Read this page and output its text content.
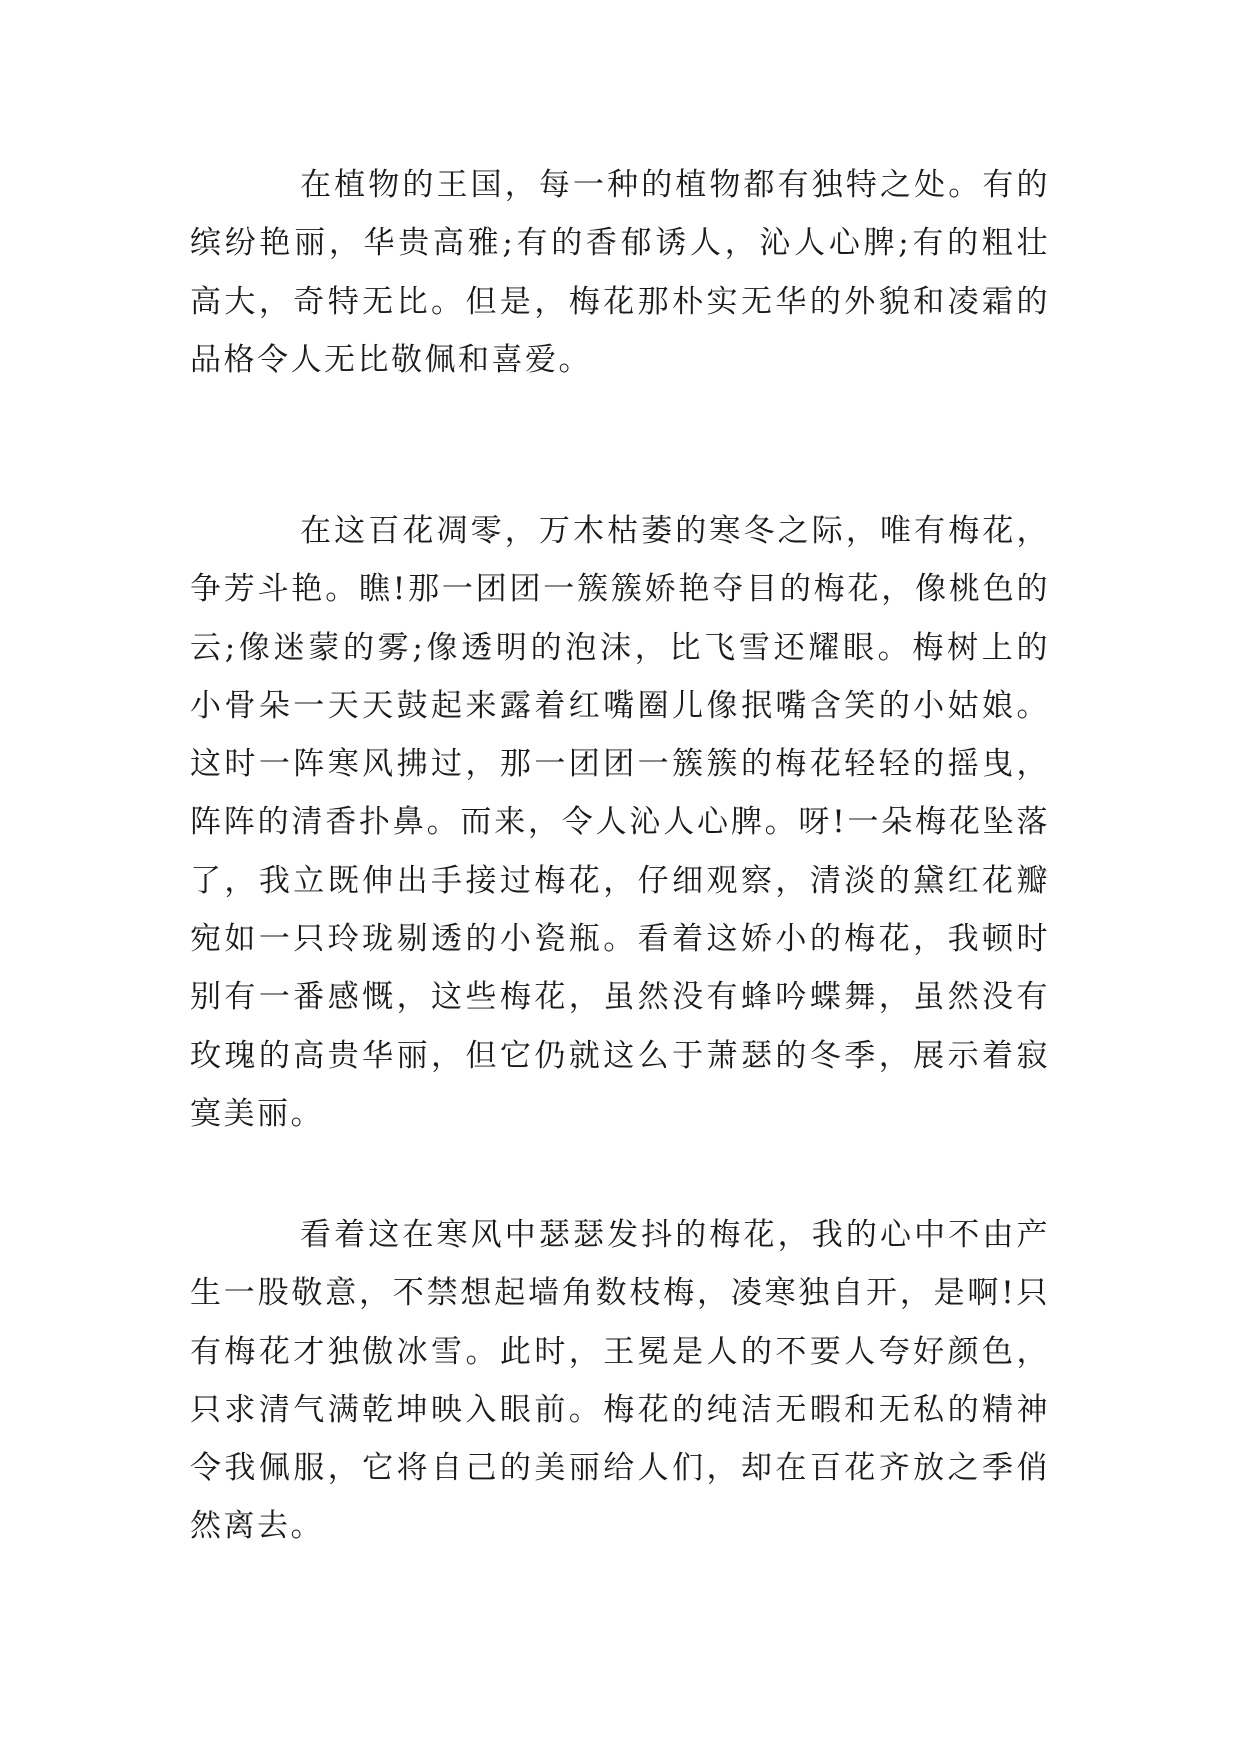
在植物的王国，每一种的植物都有独特之处。有的缤纷艳丽，华贵高雅;有的香郁诱人，沁人心脾;有的粗壮高大，奇特无比。但是，梅花那朴实无华的外貌和凌霜的品格令人无比敬佩和喜爱。

在这百花凋零，万木枯萎的寒冬之际，唯有梅花，争芳斗艳。瞧!那一团团一簇簇娇艳夺目的梅花，像桃色的云;像迷蒙的雾;像透明的泡沫，比飞雪还耀眼。梅树上的小骨朵一天天鼓起来露着红嘴圈儿像抿嘴含笑的小姑娘。这时一阵寒风拂过，那一团团一簇簇的梅花轻轻的摇曳，阵阵的清香扑鼻。而来，令人沁人心脾。呀!一朵梅花坠落了，我立既伸出手接过梅花，仔细观察，清淡的黛红花瓣宛如一只玲珑剔透的小瓷瓶。看着这娇小的梅花，我顿时别有一番感慨，这些梅花，虽然没有蜂吟蝶舞，虽然没有玫瑰的高贵华丽，但它仍就这么于萧瑟的冬季，展示着寂寞美丽。

看着这在寒风中瑟瑟发抖的梅花，我的心中不由产生一股敬意，不禁想起墙角数枝梅，凌寒独自开，是啊!只有梅花才独傲冰雪。此时，王冕是人的不要人夸好颜色，只求清气满乾坤映入眼前。梅花的纯洁无暇和无私的精神令我佩服，它将自己的美丽给人们，却在百花齐放之季俏然离去。
